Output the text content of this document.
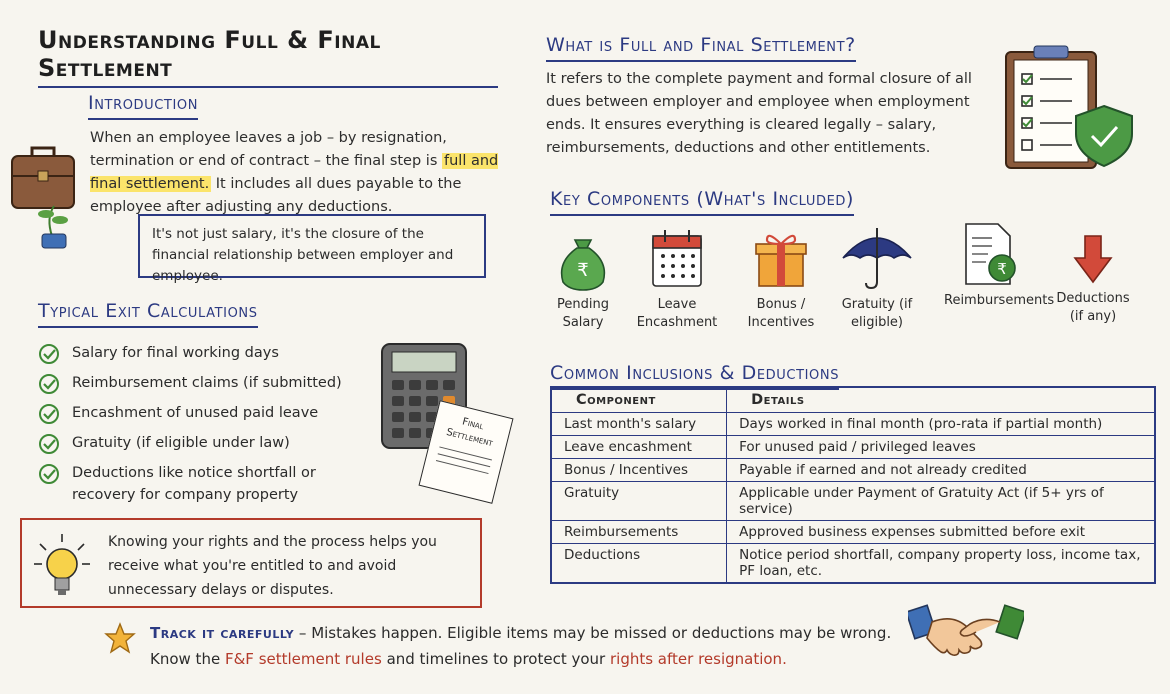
Understanding Full & Final Settlement
Introduction
When an employee leaves a job – by resignation, termination or end of contract – the final step is full and final settlement. It includes all dues payable to the employee after adjusting any deductions.
It's not just salary, it's the closure of the financial relationship between employer and employee.
Typical Exit Calculations
Salary for final working days
Reimbursement claims (if submitted)
Encashment of unused paid leave
Gratuity (if eligible under law)
Deductions like notice shortfall or recovery for company property
Final Settlement
Knowing your rights and the process helps you receive what you're entitled to and avoid unnecessary delays or disputes.
What is Full and Final Settlement?
It refers to the complete payment and formal closure of all dues between employer and employee when employment ends. It ensures everything is cleared legally – salary, reimbursements, deductions and other entitlements.
Key Components (What's Included)
₹
Pending Salary
Leave Encashment
Bonus / Incentives
Gratuity (if eligible)
₹
Reimbursements Deductions (if any)
Common Inclusions & Deductions
Component	Details
Last month's salary	Days worked in final month (pro-rata if partial month)
Leave encashment	For unused paid / privileged leaves
Bonus / Incentives	Payable if earned and not already credited
Gratuity	Applicable under Payment of Gratuity Act (if 5+ yrs of service)
Reimbursements	Approved business expenses submitted before exit
Deductions	Notice period shortfall, company property loss, income tax, PF loan, etc.
Track it carefully – Mistakes happen. Eligible items may be missed or deductions may be wrong.
Know the F&F settlement rules and timelines to protect your rights after resignation.
